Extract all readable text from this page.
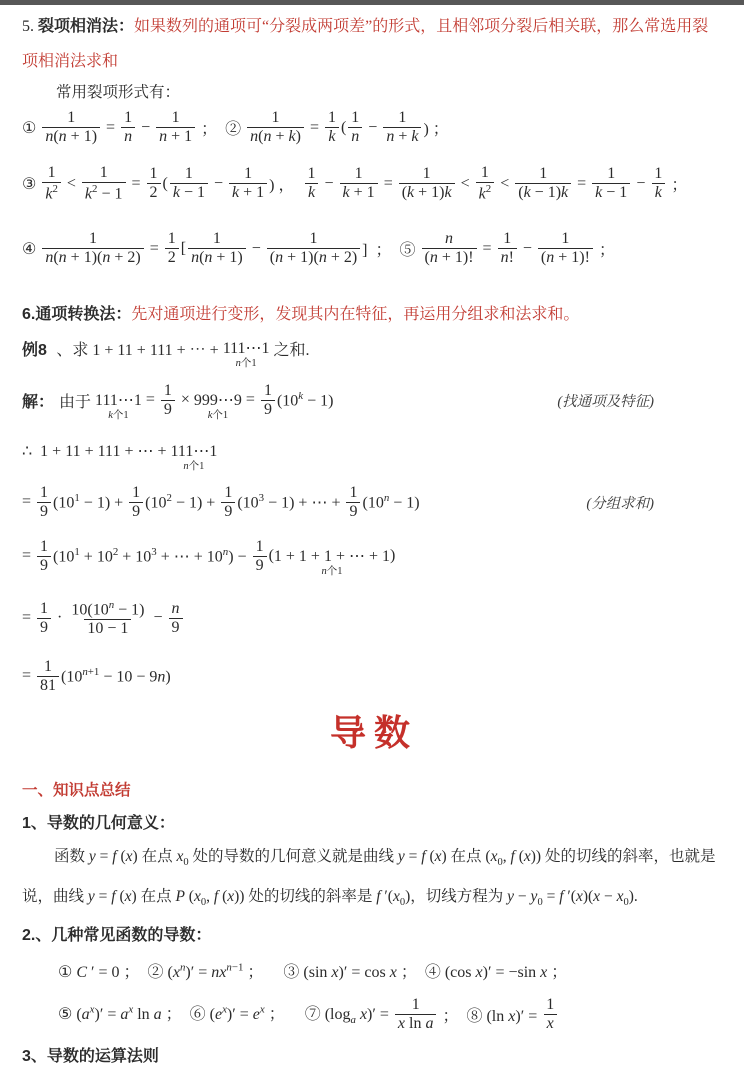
5. 裂项相消法：如果数列的通项可“分裂成两项差”的形式，且相邻项分裂后相关联，那么常选用裂

项相消法求和

常用裂项形式有：

① $\frac{1}{n(n + 1)} = \frac{1}{n} - \frac{1}{n + 1}$ ；  ② $\frac{1}{n(n + k)} = \frac{1}{k}$ ( $\frac{1}{n} - \frac{1}{n + k}$ ) ；
③ $\frac{1}{k^2} < \frac{1}{k^2 - 1} = \frac{1}{2}$ ( $\frac{1}{k - 1} - \frac{1}{k + 1}$ ) ， $\frac{1}{k} - \frac{1}{k + 1} = \frac{1}{(k + 1)k} < \frac{1}{k^2} < \frac{1}{(k - 1)k} = \frac{1}{k - 1} - \frac{1}{k}$ ；
④ $\frac{1}{n(n + 1)(n + 2)} = \frac{1}{2}$ [ $\frac{1}{n(n + 1)} - \frac{1}{(n + 1)(n + 2)}$ ]  ；  ⑤ $\frac{n}{(n + 1)!} = \frac{1}{n!} - \frac{1}{(n + 1)!}$ ；

6.通项转换法：先对通项进行变形，发现其内在特征，再运用分组求和法求和。

例8 、求 1 + 11 + 111 + ⋯ + 111⋯1
n个1
之和.
解： 由于 111⋯1
k个1
= $\frac{1}{9}$ × 999⋯9
k个1
= $\frac{1}{9} (10^k - 1)$	(找通项及特征)
∴  1 + 11 + 111 + ⋯ + 111⋯1
n个1
= $\frac{1}{9} (10^1 - 1) + \frac{1}{9} (10^2 - 1) + \frac{1}{9} (10^3 - 1)$ + ⋯ + $\frac{1}{9} (10^n - 1)$	(分组求和)
= $\frac{1}{9} (10^1 + 10^2 + 10^3$ + ⋯ + $10^n) - \frac{1}{9}$ ( 1 + 1 + 1 + ⋯ + 1
n个1
)
= $\frac{1}{9} \cdot \frac{10(10^n - 1)}{10 - 1} - \frac{n}{9}$
= $\frac{1}{81} (10^{n+1} - 10 - 9n)$
导数

一、知识点总结

1、导数的几何意义：

函数 y = f (x) 在点 $x_0$ 处的导数的几何意义就是曲线 y = f (x) 在点 ($x_0$, f (x)) 处的切线的斜率，也就是

说，曲线 y = f (x) 在点 P ($x_0$, f (x)) 处的切线的斜率是 f $'(x_0)$，切线方程为 $y - y_0 = f$ $'(x)(x - x_0)$.

2.、几种常见函数的导数：

① C ′ = 0 ；  ② $(x^n)' = nx^{n-1}$ ；     ③ (sin x)′ = cos x ；  ④ (cos x)′ = −sin x ；
⑤ $(a^x)' = a^x$ ln a ；  ⑥ $(e^x)' = e^x$ ；     ⑦ ($\log_a$ $x)' = \frac{1}{\text{x ln a}}$ ；  ⑧ (ln $x)' = \frac{1}{x}$

3、导数的运算法则
